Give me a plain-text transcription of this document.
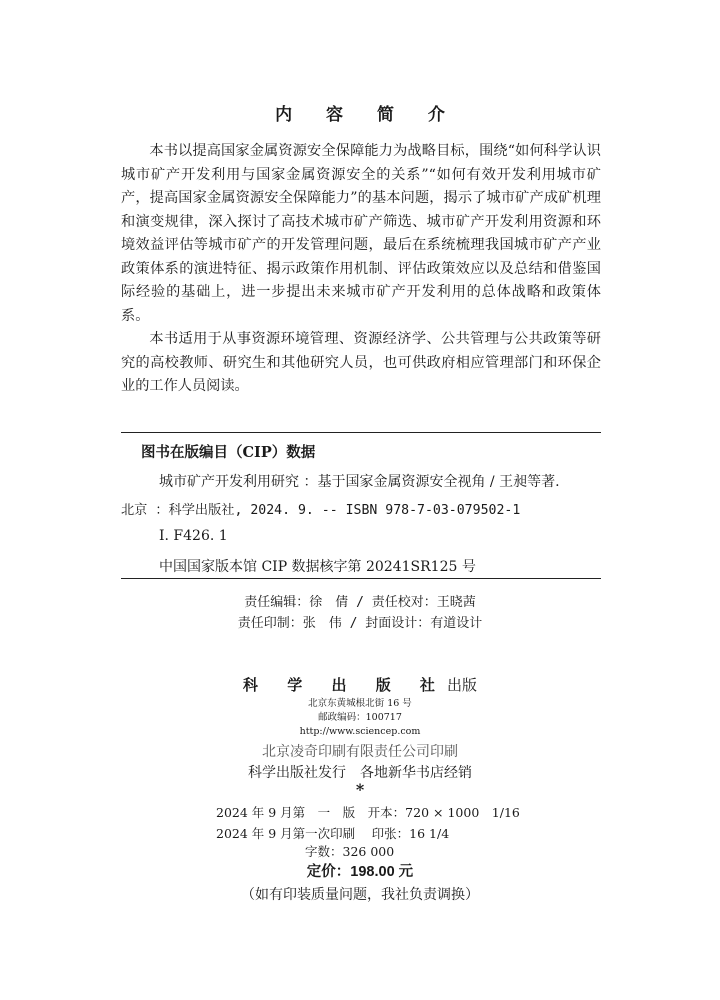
内 容 简 介

本书以提高国家金属资源安全保障能力为战略目标，围绕“如何科学认识城市矿产开发利用与国家金属资源安全的关系”“如何有效开发利用城市矿产，提高国家金属资源安全保障能力”的基本问题，揭示了城市矿产成矿机理和演变规律，深入探讨了高技术城市矿产筛选、城市矿产开发利用资源和环境效益评估等城市矿产的开发管理问题，最后在系统梳理我国城市矿产产业政策体系的演进特征、揭示政策作用机制、评估政策效应以及总结和借鉴国际经验的基础上，进一步提出未来城市矿产开发利用的总体战略和政策体系。

本书适用于从事资源环境管理、资源经济学、公共管理与公共政策等研究的高校教师、研究生和其他研究人员，也可供政府相应管理部门和环保企业的工作人员阅读。

图书在版编目（CIP）数据
城市矿产开发利用研究 ：基于国家金属资源安全视角 / 王昶等著.
北京 ：科学出版社, 2024. 9. -- ISBN 978-7-03-079502-1
Ⅰ. F426. 1
中国国家版本馆 CIP 数据核字第 20241SR125 号
责任编辑：徐　倩 / 责任校对：王晓茜
责任印制：张　伟 / 封面设计：有道设计
科 学 出 版 社出版
北京东黄城根北街 16 号
邮政编码：100717
http://www.sciencep.com
北京凌奇印刷有限责任公司印刷
科学出版社发行　各地新华书店经销
*
2024 年 9 月第　一　版　开本：720 × 1000　1/16
2024 年 9 月第一次印刷　 印张：16 1/4
字数：326 000
定价：198.00 元
（如有印装质量问题，我社负责调换）
